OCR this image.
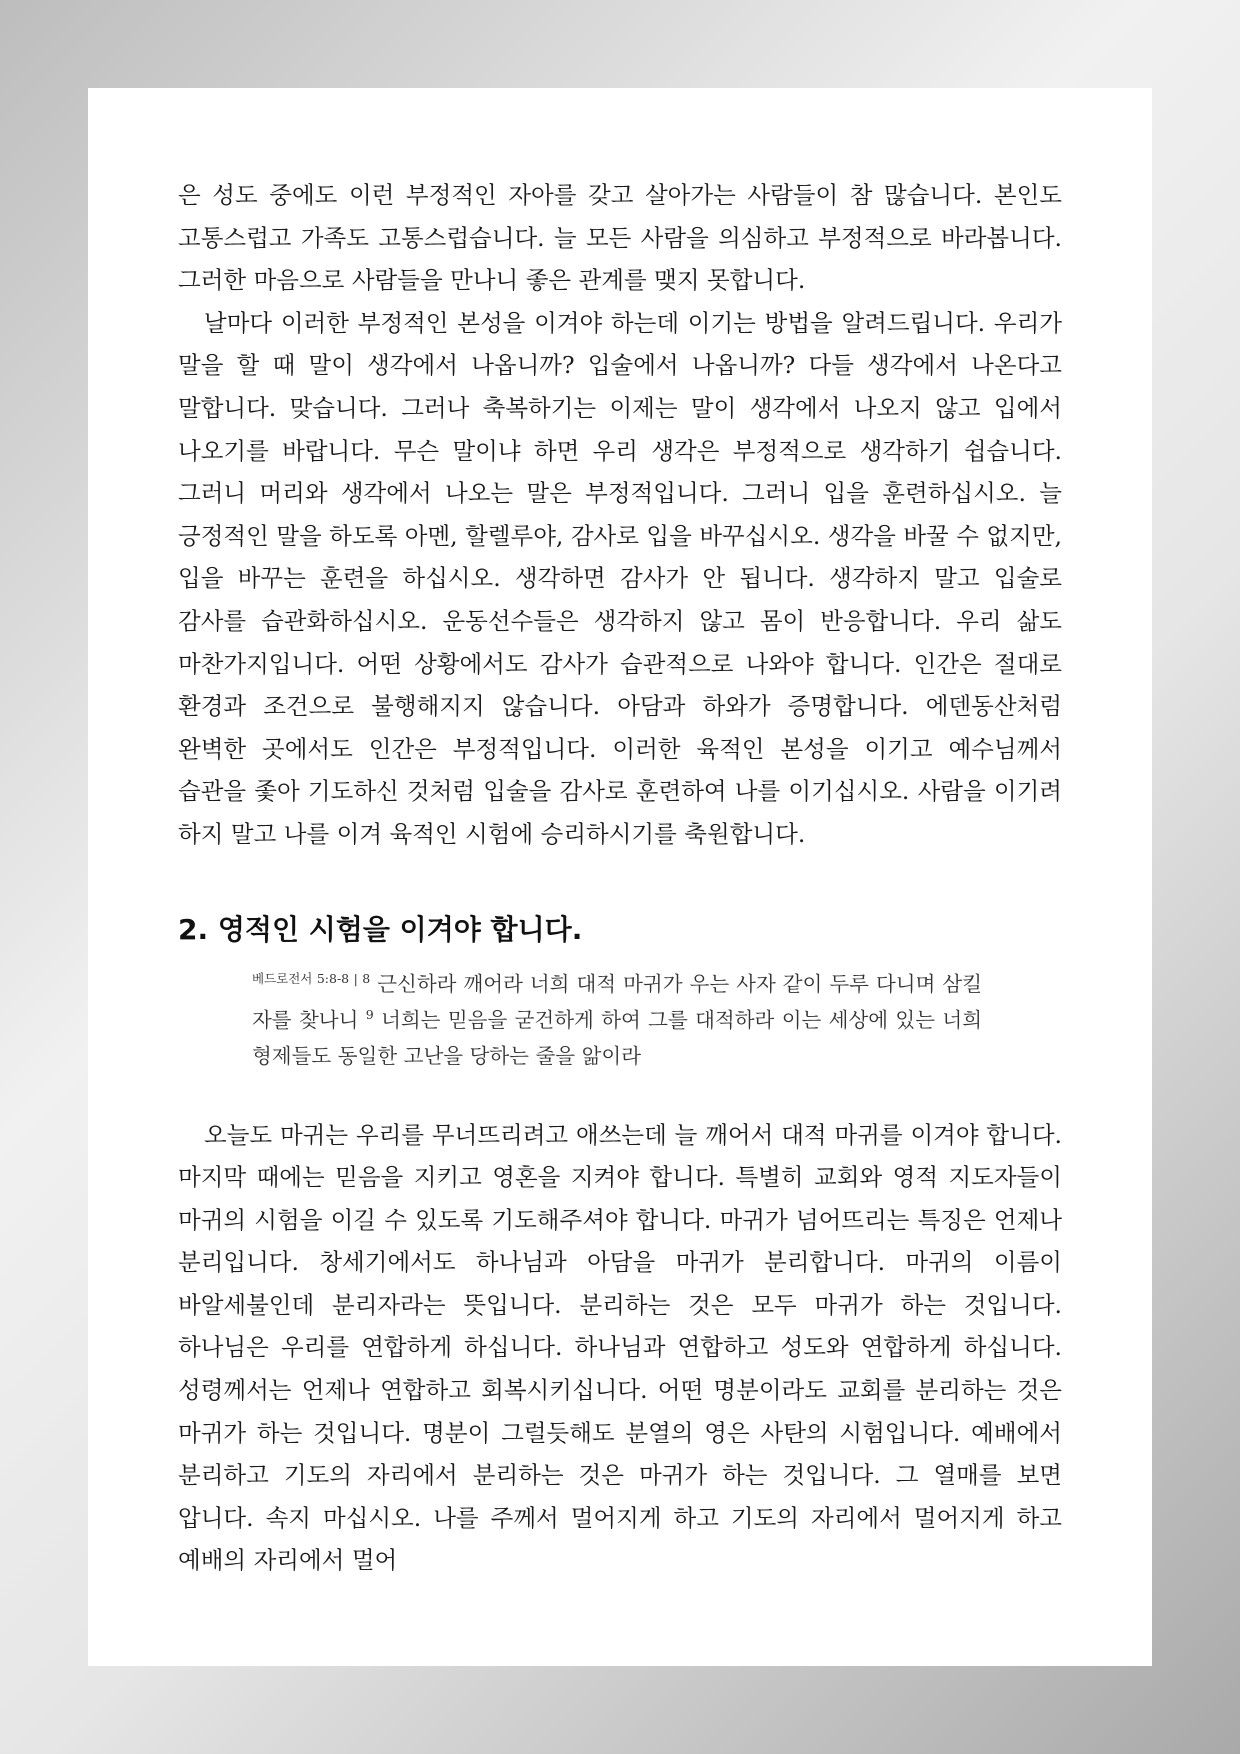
은 성도 중에도 이런 부정적인 자아를 갖고 살아가는 사람들이 참 많습니다. 본인도 고통스럽고 가족도 고통스럽습니다. 늘 모든 사람을 의심하고 부정적으로 바라봅니다. 그러한 마음으로 사람들을 만나니 좋은 관계를 맺지 못합니다.

날마다 이러한 부정적인 본성을 이겨야 하는데 이기는 방법을 알려드립니다. 우리가 말을 할 때 말이 생각에서 나옵니까? 입술에서 나옵니까? 다들 생각에서 나온다고 말합니다. 맞습니다. 그러나 축복하기는 이제는 말이 생각에서 나오지 않고 입에서 나오기를 바랍니다. 무슨 말이냐 하면 우리 생각은 부정적으로 생각하기 쉽습니다. 그러니 머리와 생각에서 나오는 말은 부정적입니다. 그러니 입을 훈련하십시오. 늘 긍정적인 말을 하도록 아멘, 할렐루야, 감사로 입을 바꾸십시오. 생각을 바꿀 수 없지만, 입을 바꾸는 훈련을 하십시오. 생각하면 감사가 안 됩니다. 생각하지 말고 입술로 감사를 습관화하십시오. 운동선수들은 생각하지 않고 몸이 반응합니다. 우리 삶도 마찬가지입니다. 어떤 상황에서도 감사가 습관적으로 나와야 합니다. 인간은 절대로 환경과 조건으로 불행해지지 않습니다. 아담과 하와가 증명합니다. 에덴동산처럼 완벽한 곳에서도 인간은 부정적입니다. 이러한 육적인 본성을 이기고 예수님께서 습관을 좇아 기도하신 것처럼 입술을 감사로 훈련하여 나를 이기십시오. 사람을 이기려 하지 말고 나를 이겨 육적인 시험에 승리하시기를 축원합니다.

2. 영적인 시험을 이겨야 합니다.

$^{베드로전서 5:8-8 | 8}$ 근신하라 깨어라 너희 대적 마귀가 우는 사자 같이 두루 다니며 삼킬 자를 찾나니 $^9$ 너희는 믿음을 굳건하게 하여 그를 대적하라 이는 세상에 있는 너희 형제들도 동일한 고난을 당하는 줄을 앎이라

오늘도 마귀는 우리를 무너뜨리려고 애쓰는데 늘 깨어서 대적 마귀를 이겨야 합니다. 마지막 때에는 믿음을 지키고 영혼을 지켜야 합니다. 특별히 교회와 영적 지도자들이 마귀의 시험을 이길 수 있도록 기도해주셔야 합니다. 마귀가 넘어뜨리는 특징은 언제나 분리입니다. 창세기에서도 하나님과 아담을 마귀가 분리합니다. 마귀의 이름이 바알세불인데 분리자라는 뜻입니다. 분리하는 것은 모두 마귀가 하는 것입니다. 하나님은 우리를 연합하게 하십니다. 하나님과 연합하고 성도와 연합하게 하십니다. 성령께서는 언제나 연합하고 회복시키십니다. 어떤 명분이라도 교회를 분리하는 것은 마귀가 하는 것입니다. 명분이 그럴듯해도 분열의 영은 사탄의 시험입니다. 예배에서 분리하고 기도의 자리에서 분리하는 것은 마귀가 하는 것입니다. 그 열매를 보면 압니다. 속지 마십시오. 나를 주께서 멀어지게 하고 기도의 자리에서 멀어지게 하고 예배의 자리에서 멀어
